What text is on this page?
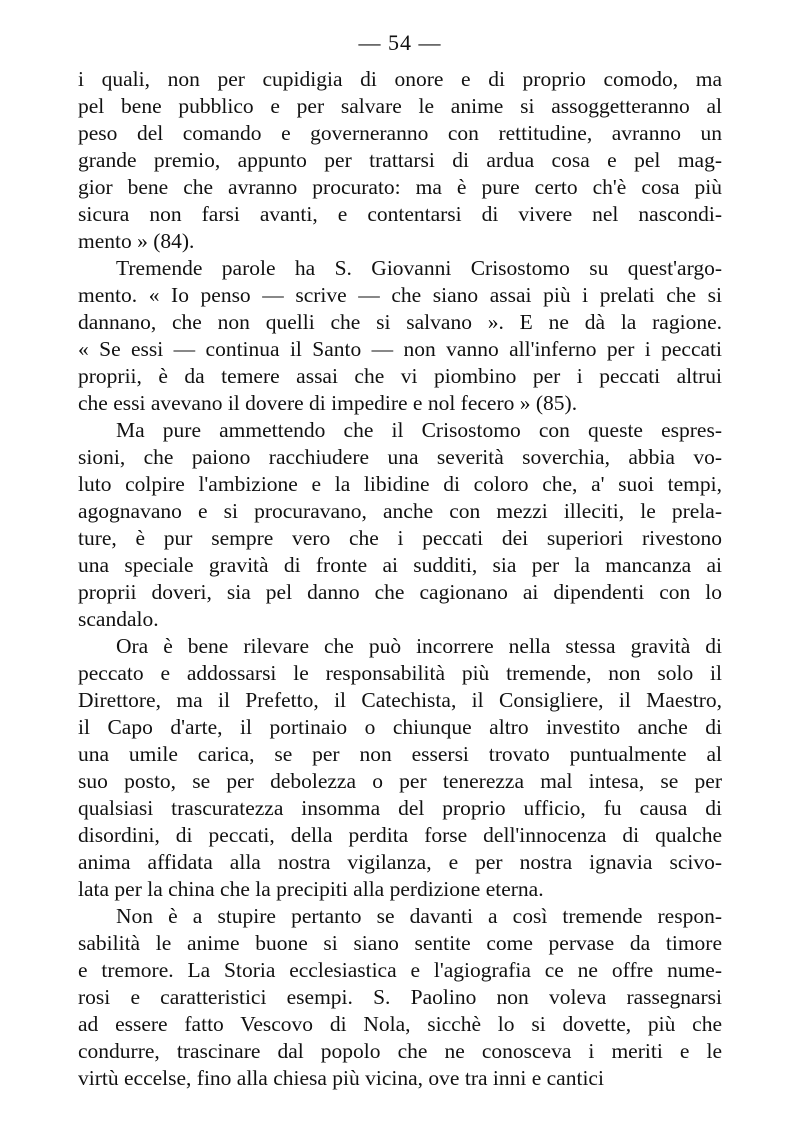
— 54 —
i quali, non per cupidigia di onore e di proprio comodo, ma
pel bene pubblico e per salvare le anime si assoggetteranno al
peso del comando e governeranno con rettitudine, avranno un
grande premio, appunto per trattarsi di ardua cosa e pel mag-
gior bene che avranno procurato: ma è pure certo ch'è cosa più
sicura non farsi avanti, e contentarsi di vivere nel nascondi-
mento » (84).
Tremende parole ha S. Giovanni Crisostomo su quest'argo-
mento. « Io penso — scrive — che siano assai più i prelati che si
dannano, che non quelli che si salvano ». E ne dà la ragione.
« Se essi — continua il Santo — non vanno all'inferno per i peccati
proprii, è da temere assai che vi piombino per i peccati altrui
che essi avevano il dovere di impedire e nol fecero » (85).
Ma pure ammettendo che il Crisostomo con queste espres-
sioni, che paiono racchiudere una severità soverchia, abbia vo-
luto colpire l'ambizione e la libidine di coloro che, a' suoi tempi,
agognavano e si procuravano, anche con mezzi illeciti, le prela-
ture, è pur sempre vero che i peccati dei superiori rivestono
una speciale gravità di fronte ai sudditi, sia per la mancanza ai
proprii doveri, sia pel danno che cagionano ai dipendenti con lo
scandalo.
Ora è bene rilevare che può incorrere nella stessa gravità di
peccato e addossarsi le responsabilità più tremende, non solo il
Direttore, ma il Prefetto, il Catechista, il Consigliere, il Maestro,
il Capo d'arte, il portinaio o chiunque altro investito anche di
una umile carica, se per non essersi trovato puntualmente al
suo posto, se per debolezza o per tenerezza mal intesa, se per
qualsiasi trascuratezza insomma del proprio ufficio, fu causa di
disordini, di peccati, della perdita forse dell'innocenza di qualche
anima affidata alla nostra vigilanza, e per nostra ignavia scivo-
lata per la china che la precipiti alla perdizione eterna.
Non è a stupire pertanto se davanti a così tremende respon-
sabilità le anime buone si siano sentite come pervase da timore
e tremore. La Storia ecclesiastica e l'agiografia ce ne offre nume-
rosi e caratteristici esempi. S. Paolino non voleva rassegnarsi
ad essere fatto Vescovo di Nola, sicchè lo si dovette, più che
condurre, trascinare dal popolo che ne conosceva i meriti e le
virtù eccelse, fino alla chiesa più vicina, ove tra inni e cantici
